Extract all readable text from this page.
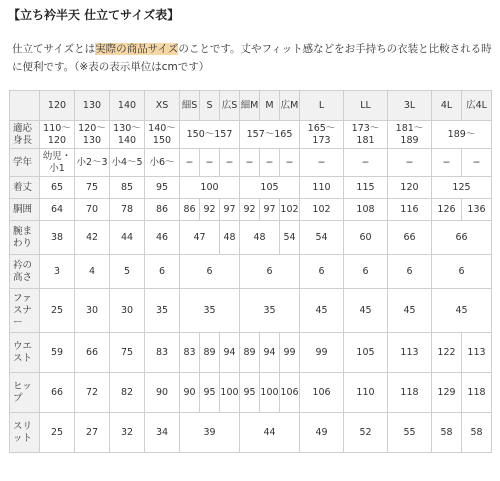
【立ち衿半天 仕立てサイズ表】
仕立てサイズとは実際の商品サイズのことです。丈やフィット感などをお手持ちの衣装と比較される時に便利です。（※表の表示単位はcmです）
	120	130	140	XS	細S	S	広S	細M	M	広M	L	LL	3L	4L	広4L
適応身長	110〜120	120〜130	130〜140	140〜150	150〜157			157〜165			165〜173	173〜181	181〜189	189〜	
学年	幼児・小1	小2〜3	小4〜5	小6〜	−	−	−	−	−	−	−	−	−	−	−
着丈	65	75	85	95	100			105			110	115	120	125	
胴囲	64	70	78	86	86	92	97	92	97	102	102	108	116	126	136
腕まわり	38	42	44	46	47		48	48		54	54	60	66	66	
衿の高さ	3	4	5	6	6			6			6	6	6	6	
ファスナー	25	30	30	35	35			35			45	45	45	45	
ウエスト	59	66	75	83	83	89	94	89	94	99	99	105	113	122	113
ヒップ	66	72	82	90	90	95	100	95	100	106	106	110	118	129	118
スリット	25	27	32	34	39			44			49	52	55	58	58
